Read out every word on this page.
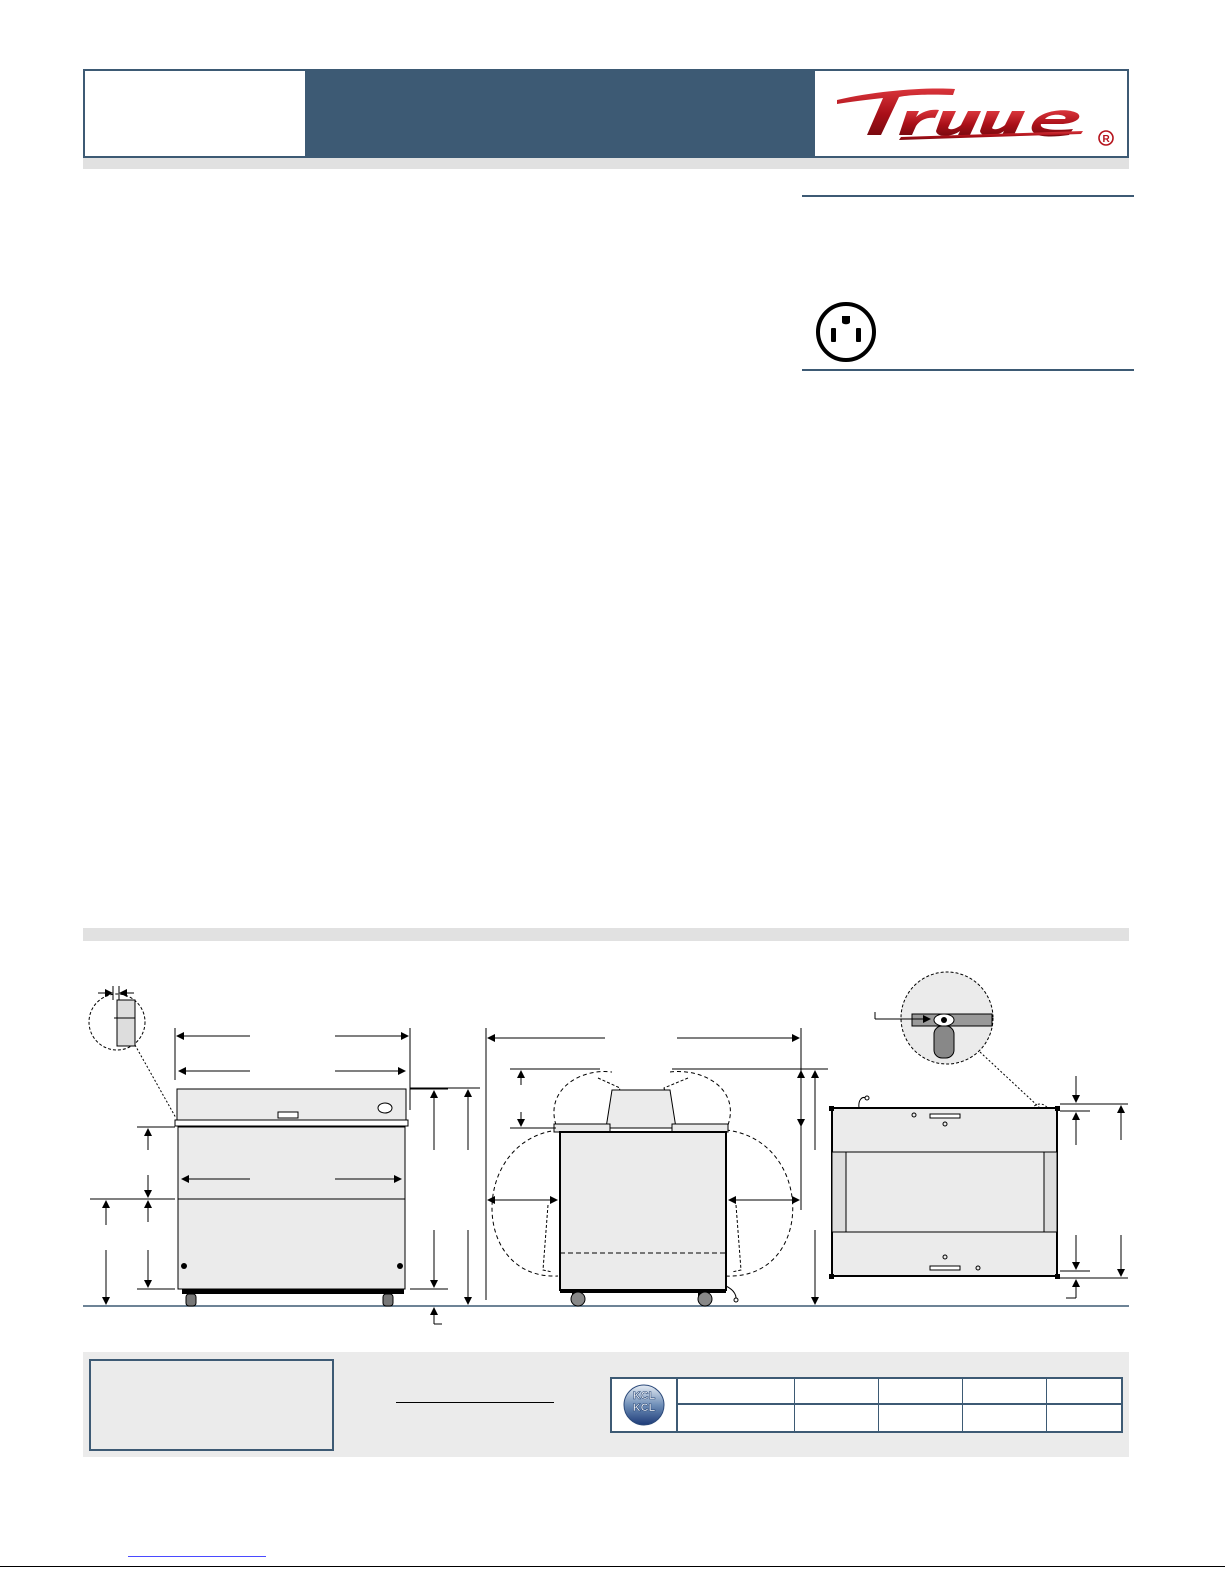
R
KCL
KCL
